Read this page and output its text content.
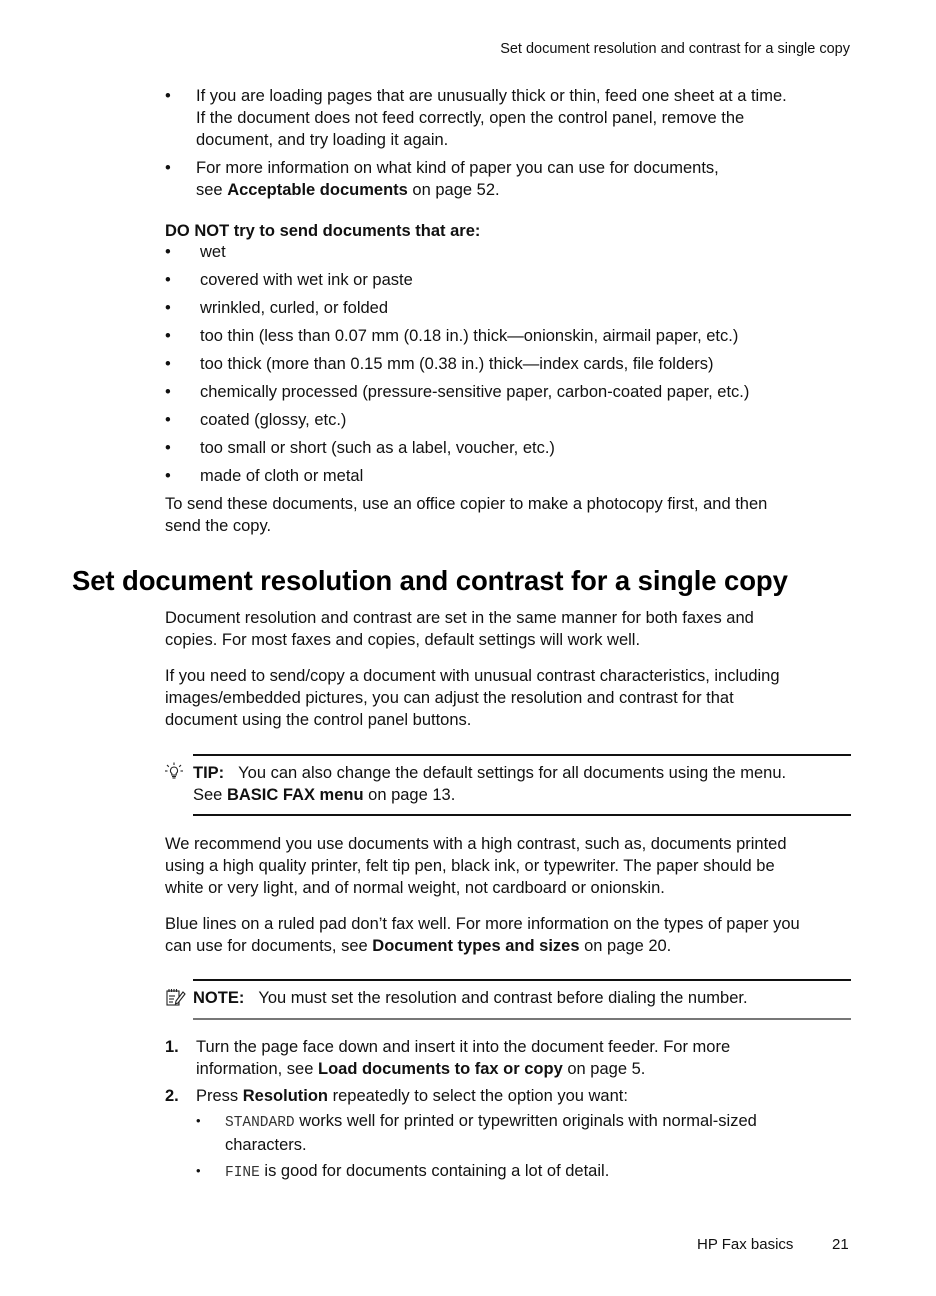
Set document resolution and contrast for a single copy
• If you are loading pages that are unusually thick or thin, feed one sheet at a time.
If the document does not feed correctly, open the control panel, remove the
document, and try loading it again.
• For more information on what kind of paper you can use for documents,
see Acceptable documents on page 52.
DO NOT try to send documents that are:
• wet
• covered with wet ink or paste
• wrinkled, curled, or folded
• too thin (less than 0.07 mm (0.18 in.) thick—onionskin, airmail paper, etc.)
• too thick (more than 0.15 mm (0.38 in.) thick—index cards, file folders)
• chemically processed (pressure-sensitive paper, carbon-coated paper, etc.)
• coated (glossy, etc.)
• too small or short (such as a label, voucher, etc.)
• made of cloth or metal
To send these documents, use an office copier to make a photocopy first, and then
send the copy.
Set document resolution and contrast for a single copy
Document resolution and contrast are set in the same manner for both faxes and
copies. For most faxes and copies, default settings will work well.
If you need to send/copy a document with unusual contrast characteristics, including
images/embedded pictures, you can adjust the resolution and contrast for that
document using the control panel buttons.
TIP: You can also change the default settings for all documents using the menu.
See BASIC FAX menu on page 13.
We recommend you use documents with a high contrast, such as, documents printed
using a high quality printer, felt tip pen, black ink, or typewriter. The paper should be
white or very light, and of normal weight, not cardboard or onionskin.
Blue lines on a ruled pad don’t fax well. For more information on the types of paper you
can use for documents, see Document types and sizes on page 20.
NOTE: You must set the resolution and contrast before dialing the number.
1. Turn the page face down and insert it into the document feeder. For more
information, see Load documents to fax or copy on page 5.
2. Press Resolution repeatedly to select the option you want:
• STANDARD works well for printed or typewritten originals with normal-sized
characters.
• FINE is good for documents containing a lot of detail.
HP Fax basics	21
